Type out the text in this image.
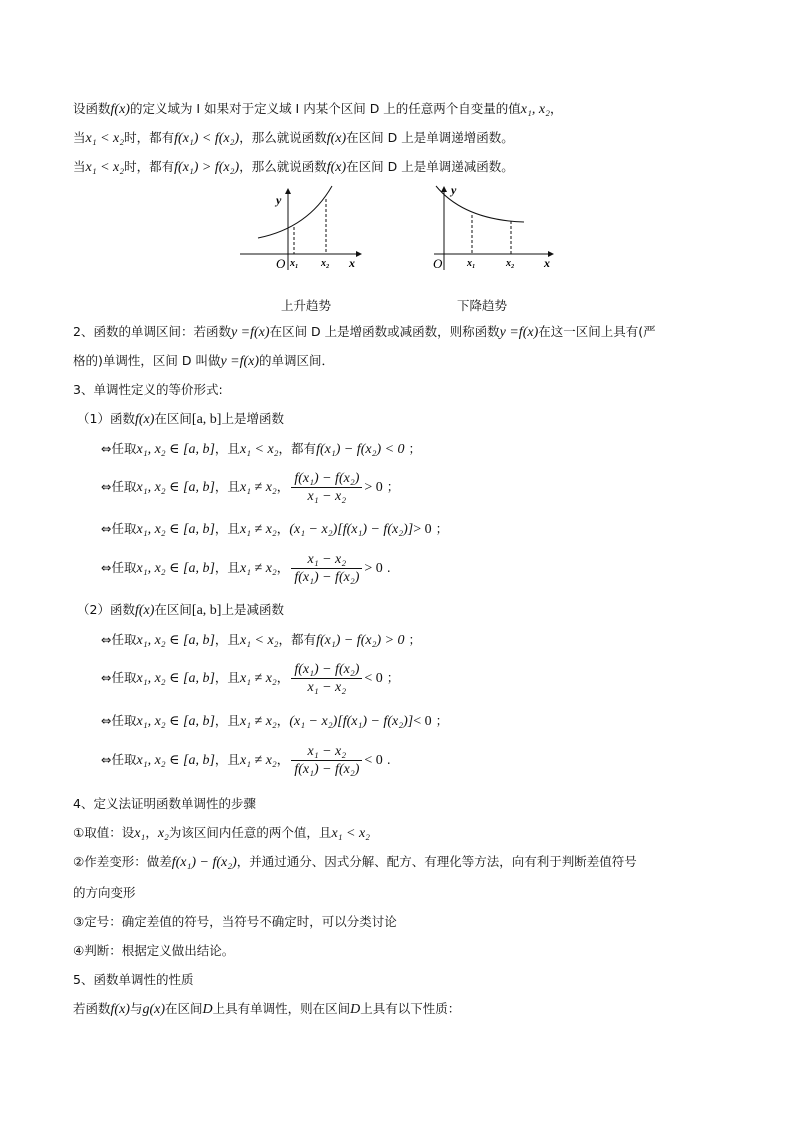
设函数f(x)的定义域为 I 如果对于定义域 I 内某个区间 D 上的任意两个自变量的值x₁, x₂，
当x₁ < x₂时，都有f(x₁) < f(x₂)，那么就说函数f(x)在区间 D 上是单调递增函数。
当x₁ < x₂时，都有f(x₁) > f(x₂)，那么就说函数f(x)在区间 D 上是单调递减函数。
y
O x₁ x₂ x
上升趋势
y
O x₁	x₂ x
下降趋势
2、函数的单调区间：若函数y =f(x)在区间 D 上是增函数或减函数，则称函数y =f(x)在这一区间上具有(严
格的)单调性，区间 D 叫做y =f(x)的单调区间．
3、单调性定义的等价形式:
（1）函数f(x)在区间[a, b]上是增函数
⇔任取x₁, x₂ ∈ [a, b]，且x₁ < x₂，都有f(x₁) − f(x₂) < 0 ；
⇔任取x₁, x₂ ∈ [a, b]，且x₁ ≠ x₂， $\frac{\text{f(x₁) − f(x₂)}}{\text{x₁ − x₂}} > 0$ ；
⇔任取x₁, x₂ ∈ [a, b]，且x₁ ≠ x₂，(x₁ − x₂)[f(x₁) − f(x₂)]> 0 ；
⇔任取x₁, x₂ ∈ [a, b]，且x₁ ≠ x₂， $\frac{\text{x₁ − x₂}}{\text{f(x₁) − f(x₂)}} > 0$ .
（2）函数f(x)在区间[a, b]上是减函数
⇔任取x₁, x₂ ∈ [a, b]，且x₁ < x₂，都有f(x₁) − f(x₂) > 0 ；
⇔任取x₁, x₂ ∈ [a, b]，且x₁ ≠ x₂， $\frac{\text{f(x₁) − f(x₂)}}{\text{x₁ − x₂}} < 0$ ；
⇔任取x₁, x₂ ∈ [a, b]，且x₁ ≠ x₂，(x₁ − x₂)[f(x₁) − f(x₂)]< 0 ；
⇔任取x₁, x₂ ∈ [a, b]，且x₁ ≠ x₂， $\frac{\text{x₁ − x₂}}{\text{f(x₁) − f(x₂)}} < 0$ .
4、定义法证明函数单调性的步骤
①取值：设x₁，x₂为该区间内任意的两个值，且x₁ < x₂
②作差变形：做差f(x₁) − f(x₂)，并通过通分、因式分解、配方、有理化等方法，向有利于判断差值符号
的方向变形
③定号：确定差值的符号，当符号不确定时，可以分类讨论
④判断：根据定义做出结论。
5、函数单调性的性质
若函数f(x)与g(x)在区间D上具有单调性，则在区间D上具有以下性质：
